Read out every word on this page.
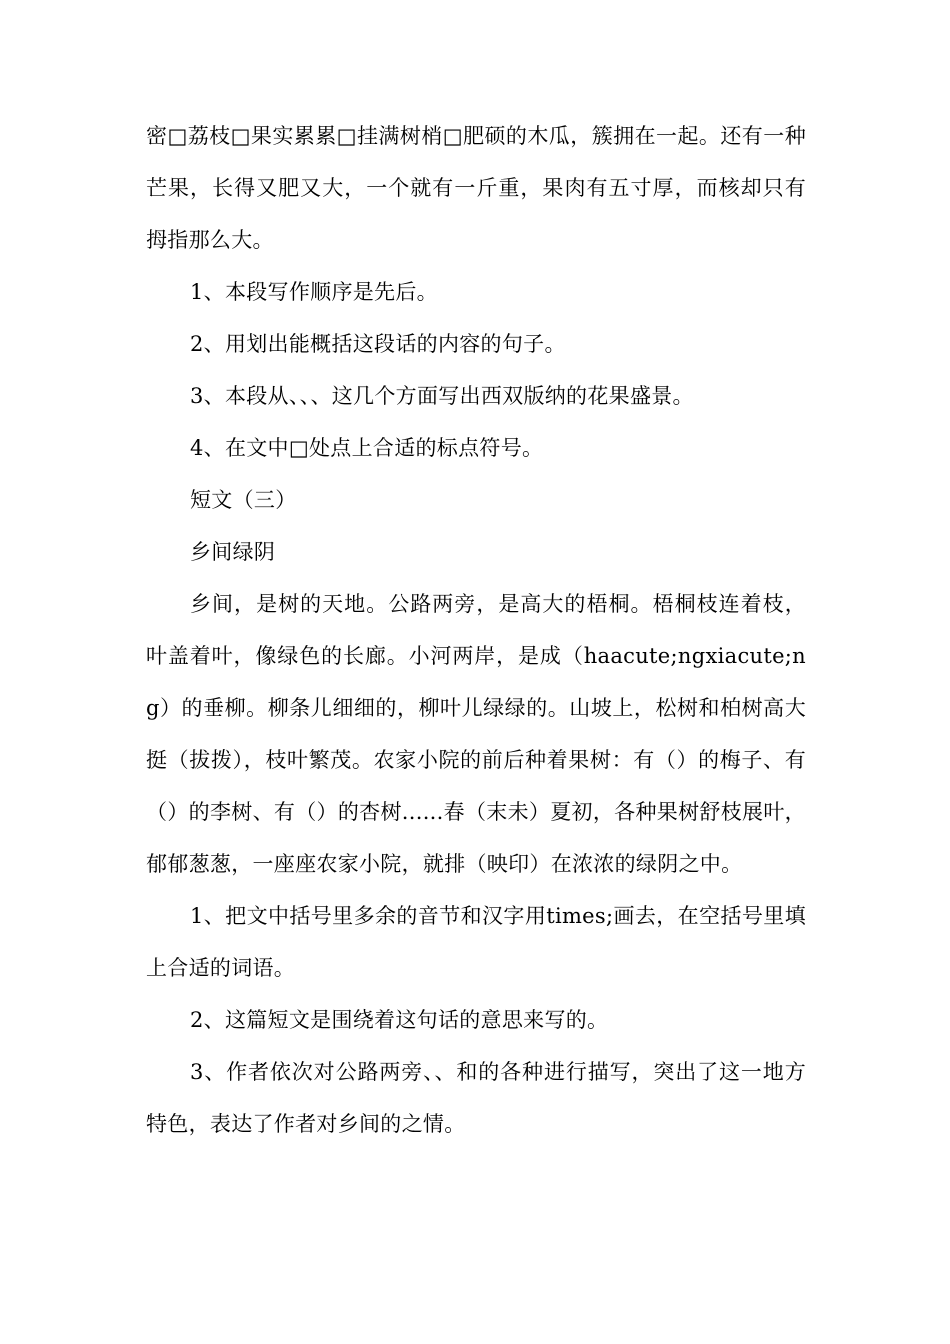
密□荔枝□果实累累□挂满树梢□肥硕的木瓜，簇拥在一起。还有一种芒果，长得又肥又大，一个就有一斤重，果肉有五寸厚，而核却只有拇指那么大。

1、本段写作顺序是先后。

2、用划出能概括这段话的内容的句子。

3、本段从、、、这几个方面写出西双版纳的花果盛景。

4、在文中□处点上合适的标点符号。

短文（三）

乡间绿阴

乡间，是树的天地。公路两旁，是高大的梧桐。梧桐枝连着枝，叶盖着叶，像绿色的长廊。小河两岸，是成（haacute;ngxiacute;ng）的垂柳。柳条儿细细的，柳叶儿绿绿的。山坡上，松树和柏树高大挺（拔拨），枝叶繁茂。农家小院的前后种着果树：有（）的梅子、有（）的李树、有（）的杏树......春（末未）夏初，各种果树舒枝展叶，郁郁葱葱，一座座农家小院，就排（映印）在浓浓的绿阴之中。

1、把文中括号里多余的音节和汉字用times;画去，在空括号里填上合适的词语。

2、这篇短文是围绕着这句话的意思来写的。

3、作者依次对公路两旁、、和的各种进行描写，突出了这一地方特色，表达了作者对乡间的之情。
